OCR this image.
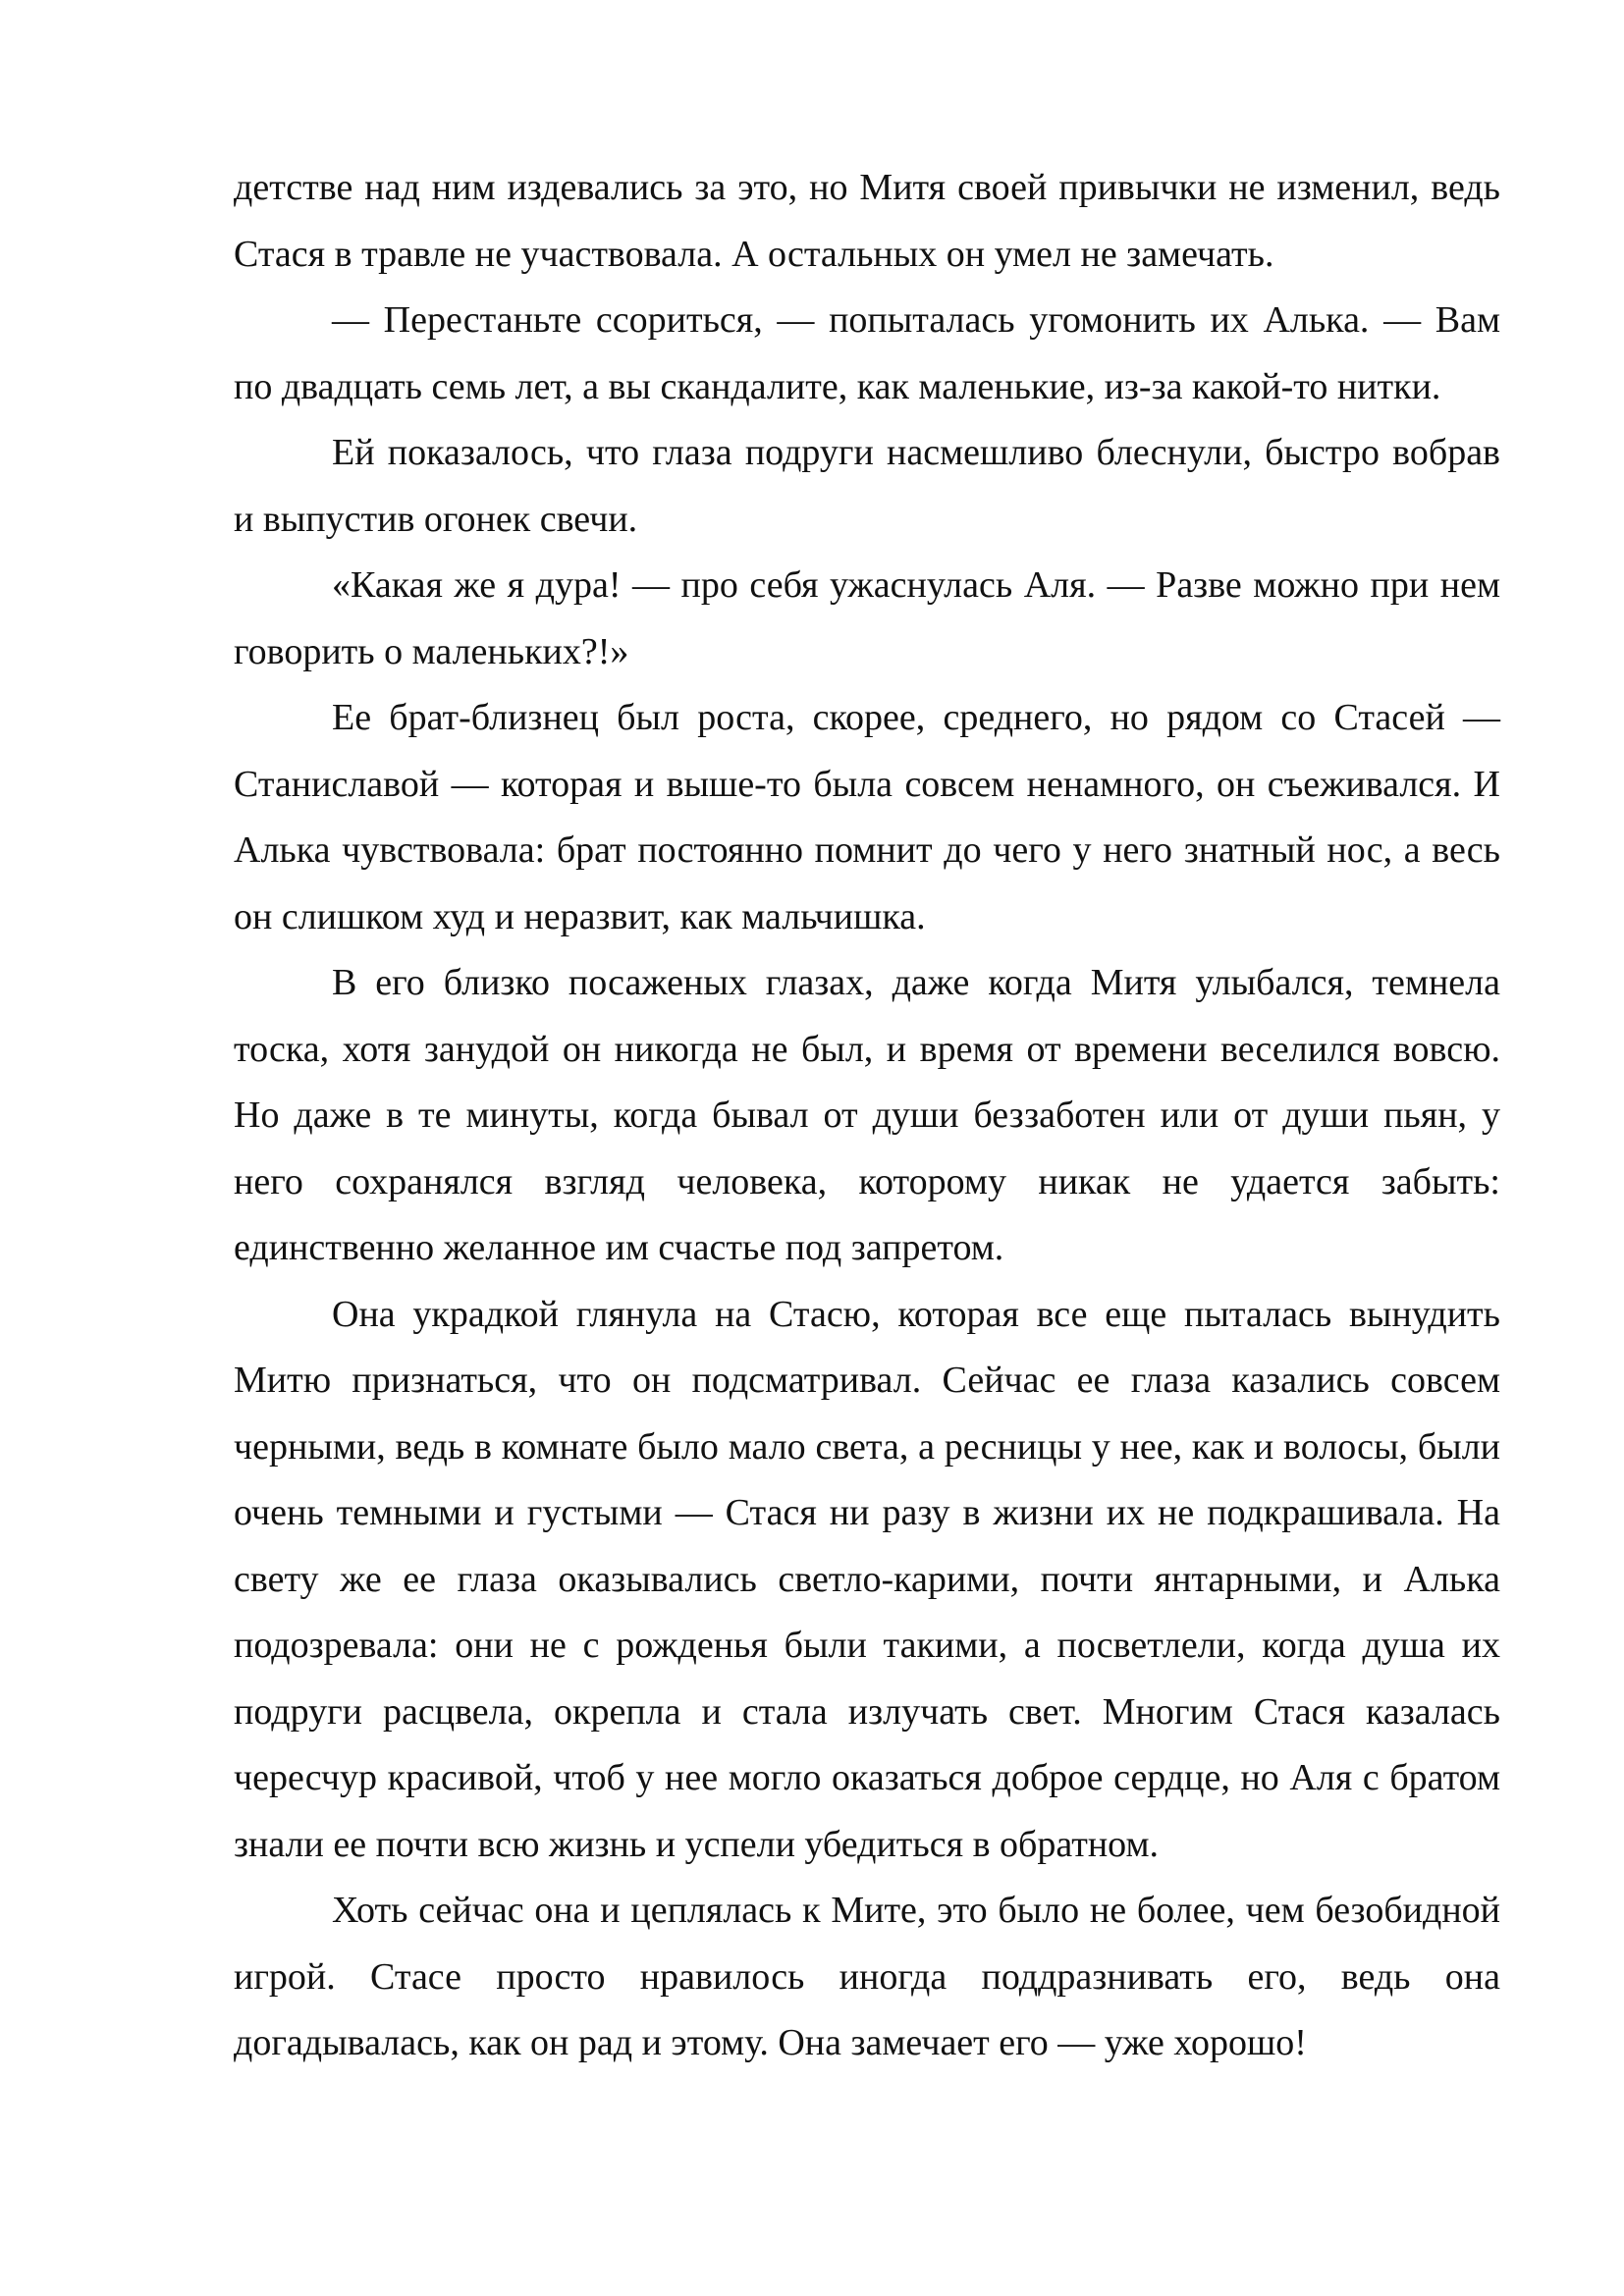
детстве над ним издевались за это, но Митя своей привычки не изменил, ведь Стася в травле не участвовала. А остальных он умел не замечать.

— Перестаньте ссориться, — попыталась угомонить их Алька. — Вам по двадцать семь лет, а вы скандалите, как маленькие, из-за какой-то нитки.

Ей показалось, что глаза подруги насмешливо блеснули, быстро вобрав и выпустив огонек свечи.

«Какая же я дура! — про себя ужаснулась Аля. — Разве можно при нем говорить о маленьких?!»

Ее брат-близнец был роста, скорее, среднего, но рядом со Стасей — Станиславой — которая и выше-то была совсем ненамного, он съеживался. И Алька чувствовала: брат постоянно помнит до чего у него знатный нос, а весь он слишком худ и неразвит, как мальчишка.

В его близко посаженых глазах, даже когда Митя улыбался, темнела тоска, хотя занудой он никогда не был, и время от времени веселился вовсю. Но даже в те минуты, когда бывал от души беззаботен или от души пьян, у него сохранялся взгляд человека, которому никак не удается забыть: единственно желанное им счастье под запретом.

Она украдкой глянула на Стасю, которая все еще пыталась вынудить Митю признаться, что он подсматривал. Сейчас ее глаза казались совсем черными, ведь в комнате было мало света, а ресницы у нее, как и волосы, были очень темными и густыми — Стася ни разу в жизни их не подкрашивала. На свету же ее глаза оказывались светло-карими, почти янтарными, и Алька подозревала: они не с рожденья были такими, а посветлели, когда душа их подруги расцвела, окрепла и стала излучать свет. Многим Стася казалась чересчур красивой, чтоб у нее могло оказаться доброе сердце, но Аля с братом знали ее почти всю жизнь и успели убедиться в обратном.

Хоть сейчас она и цеплялась к Мите, это было не более, чем безобидной игрой. Стасе просто нравилось иногда поддразнивать его, ведь она догадывалась, как он рад и этому. Она замечает его — уже хорошо!
